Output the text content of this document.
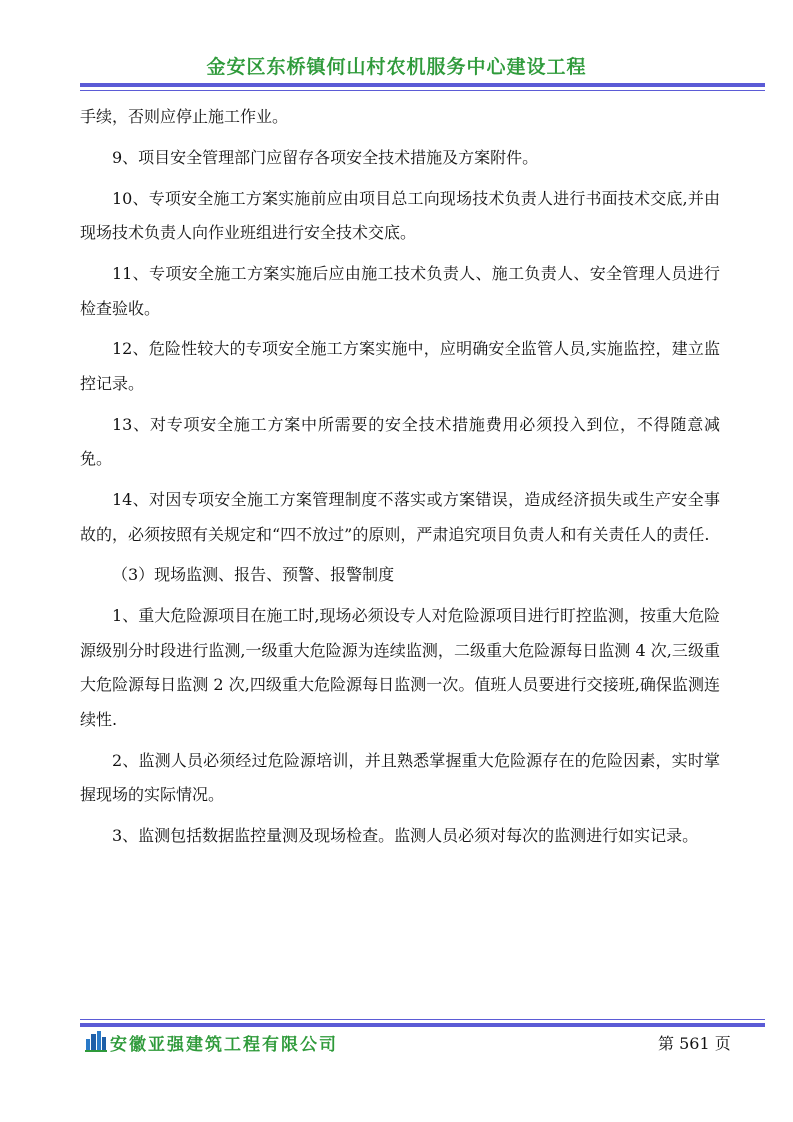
金安区东桥镇何山村农机服务中心建设工程

手续，否则应停止施工作业。

9、项目安全管理部门应留存各项安全技术措施及方案附件。

10、专项安全施工方案实施前应由项目总工向现场技术负责人进行书面技术交底,并由现场技术负责人向作业班组进行安全技术交底。

11、专项安全施工方案实施后应由施工技术负责人、施工负责人、安全管理人员进行检查验收。

12、危险性较大的专项安全施工方案实施中，应明确安全监管人员,实施监控，建立监控记录。

13、对专项安全施工方案中所需要的安全技术措施费用必须投入到位，不得随意减免。

14、对因专项安全施工方案管理制度不落实或方案错误，造成经济损失或生产安全事故的，必须按照有关规定和“四不放过”的原则，严肃追究项目负责人和有关责任人的责任.

（3）现场监测、报告、预警、报警制度

1、重大危险源项目在施工时,现场必须设专人对危险源项目进行盯控监测，按重大危险源级别分时段进行监测,一级重大危险源为连续监测，二级重大危险源每日监测 4 次,三级重大危险源每日监测 2 次,四级重大危险源每日监测一次。值班人员要进行交接班,确保监测连续性.

2、监测人员必须经过危险源培训，并且熟悉掌握重大危险源存在的危险因素，实时掌握现场的实际情况。

3、监测包括数据监控量测及现场检查。监测人员必须对每次的监测进行如实记录。

安徽亚强建筑工程有限公司	第 561 页
